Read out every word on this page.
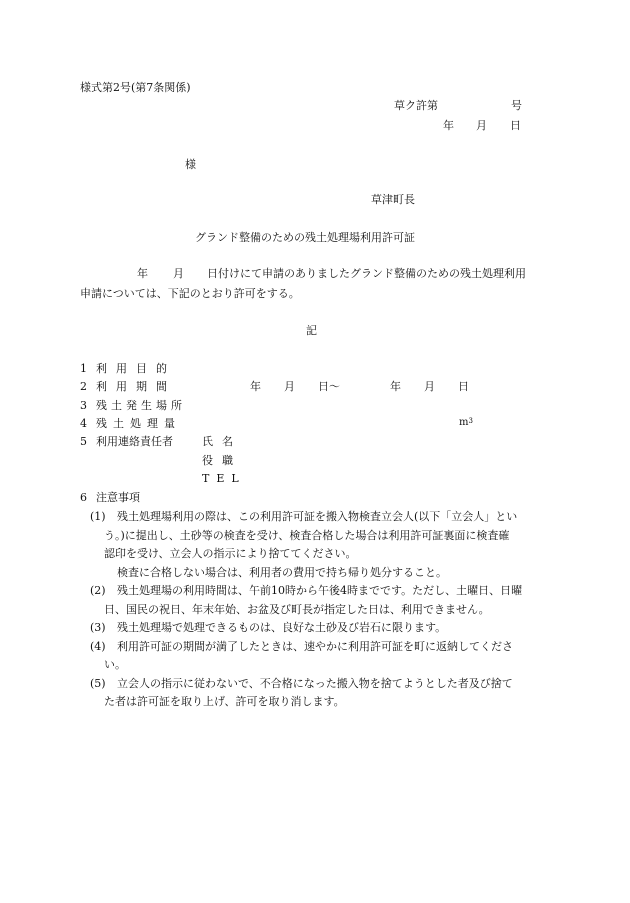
様式第2号(第7条関係)
草ク許第	号
年 月 日
様
草津町長
グランド整備のための残土処理場利用許可証
年 月 日付けにて申請のありましたグランド整備のための残土処理利用
申請については、下記のとおり許可をする。
記
1 利用目的
2 利用期間	年 月 日～	年 月 日
3 残土発生場所
4 残土処理量	$m^3$
5 利用連絡責任者	氏名
役職
TEL
6 注意事項
(1) 残土処理場利用の際は、この利用許可証を搬入物検査立会人(以下「立会人」とい
う。)に提出し、土砂等の検査を受け、検査合格した場合は利用許可証裏面に検査確
認印を受け、立会人の指示により捨ててください。
検査に合格しない場合は、利用者の費用で持ち帰り処分すること。
(2) 残土処理場の利用時間は、午前10時から午後4時までです。ただし、土曜日、日曜
日、国民の祝日、年末年始、お盆及び町長が指定した日は、利用できません。
(3) 残土処理場で処理できるものは、良好な土砂及び岩石に限ります。
(4) 利用許可証の期間が満了したときは、速やかに利用許可証を町に返納してくださ
い。
(5) 立会人の指示に従わないで、不合格になった搬入物を捨てようとした者及び捨て
た者は許可証を取り上げ、許可を取り消します。
